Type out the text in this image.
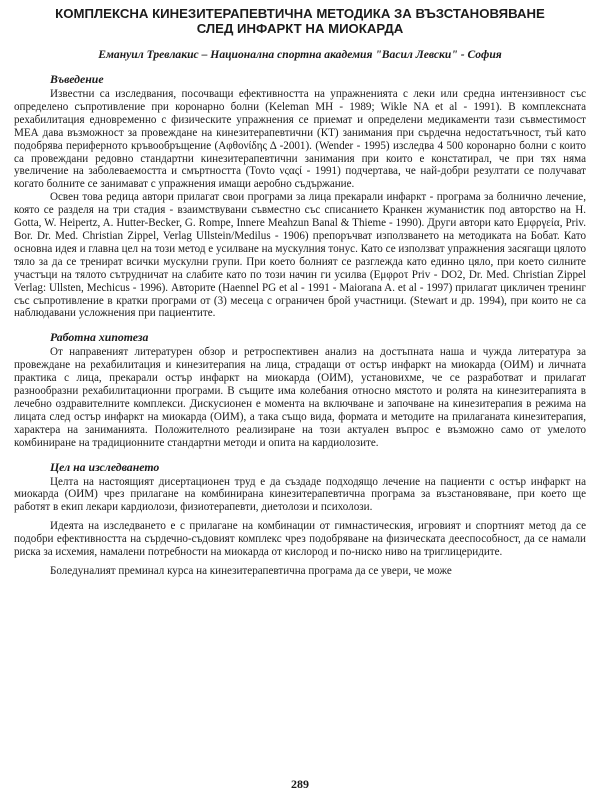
КОМПЛЕКСНА КИНЕЗИТЕРАПЕВТИЧНА МЕТОДИКА ЗА ВЪЗСТАНОВЯВАНЕ
СЛЕД ИНФАРКТ НА МИОКАРДА
Емануил Тревлакис – Национална спортна академия "Васил Левски" - София
Въведение

Известни са изследвания, посочващи ефективността на упражненията с леки или средна интензивност със определено съпротивление при коронарно болни (Keleman MH - 1989; Wikle NA et al - 1991). В комплексната рехабилитация едновременно с физическите упражнения се приемат и определени медикаменти тази съвместимост МЕА дава възможност за провеждане на кинезитерапевтични (КТ) занимания при сърдечна недостатъчност, тъй като подобрява периферното кръвообръщение (Αφθονίδης Δ -2001). (Wender - 1995) изследва 4 500 коронарно болни с които са провеждани редовно стандартни кинезитерапевтични занимания при които е констатирал, че при тях няма увеличение на заболеваемостта и смъртността (Tovto νςαςί - 1991) подчертава, че най-добри резултати се получават когато болните се занимават с упражнения имащи аеробно съдържание.

Освен това редица автори прилагат свои програми за лица прекарали инфаркт - програма за болнично лечение, която се разделя на три стадия - взаимствувани съвместно със списанието Кранкен жуманистик под авторство на H. Gotta, W. Heipertz, A. Hutter-Becker, G. Rompe, Innere Meahzun Banal & Thieme - 1990). Други автори като Εμφργεία, Priv. Bor. Dr. Med. Christian Zippel, Verlag Ullstein/Medilus - 1906) препоръчват използването на методиката на Бобат. Като основна идея и главна цел на този метод е усилване на мускулния тонус. Като се използват упражнения засягащи цялото тяло за да се тренират всички мускулни групи. При което болният се разглежда като единно цяло, при което силните участъци на тялото сътрудничат на слабите като по този начин ги усилва (Εμφροτ Priv - DO2, Dr. Med. Christian Zippel Verlag: Ullsten, Mechicus - 1996). Авторите (Haennel PG et al - 1991 - Maiorana A. et al - 1997) прилагат цикличен тренинг със съпротивление в кратки програми от (3) месеца с ограничен брой участници. (Stewart и др. 1994), при които не са наблюдавани усложнения при пациентите.

Работна хипотеза

От направеният литературен обзор и ретроспективен анализ на достъпната наша и чужда литература за провеждане на рехабилитация и кинезитерапия на лица, страдащи от остър инфаркт на миокарда (ОИМ) и личната практика с лица, прекарали остър инфаркт на миокарда (ОИМ), установихме, че се разработват и прилагат разнообразни рехабилитационни програми. В същите има колебания относно мястото и ролята на кинезитерапията в лечебно оздравителните комплекси. Дискусионен е момента на включване и започване на кинезитерапия в режима на лицата след остър инфаркт на миокарда (ОИМ), а така също вида, формата и методите на прилаганата кинезитерапия, характера на заниманията. Положителното реализиране на този актуален въпрос е възможно само от умелото комбиниране на традиционните стандартни методи и опита на кардиолозите.

Цел на изследването

Целта на настоящият дисертационен труд е да създаде подходящо лечение на пациенти с остър инфаркт на миокарда (ОИМ) чрез прилагане на комбинирана кинезитерапевтична програма за възстановяване, при което ще работят в екип лекари кардиолози, физиотерапевти, диетолози и психолози.

Идеята на изследването е с прилагане на комбинации от гимнастическия, игровият и спортният метод да се подобри ефективността на сърдечно-съдовият комплекс чрез подобряване на физическата дееспособност, да се намали риска за исхемия, намалени потребности на миокарда от кислород и по-ниско ниво на триглицеридите.

Боледуналият преминал курса на кинезитерапевтична програма да се увери, че може

289
